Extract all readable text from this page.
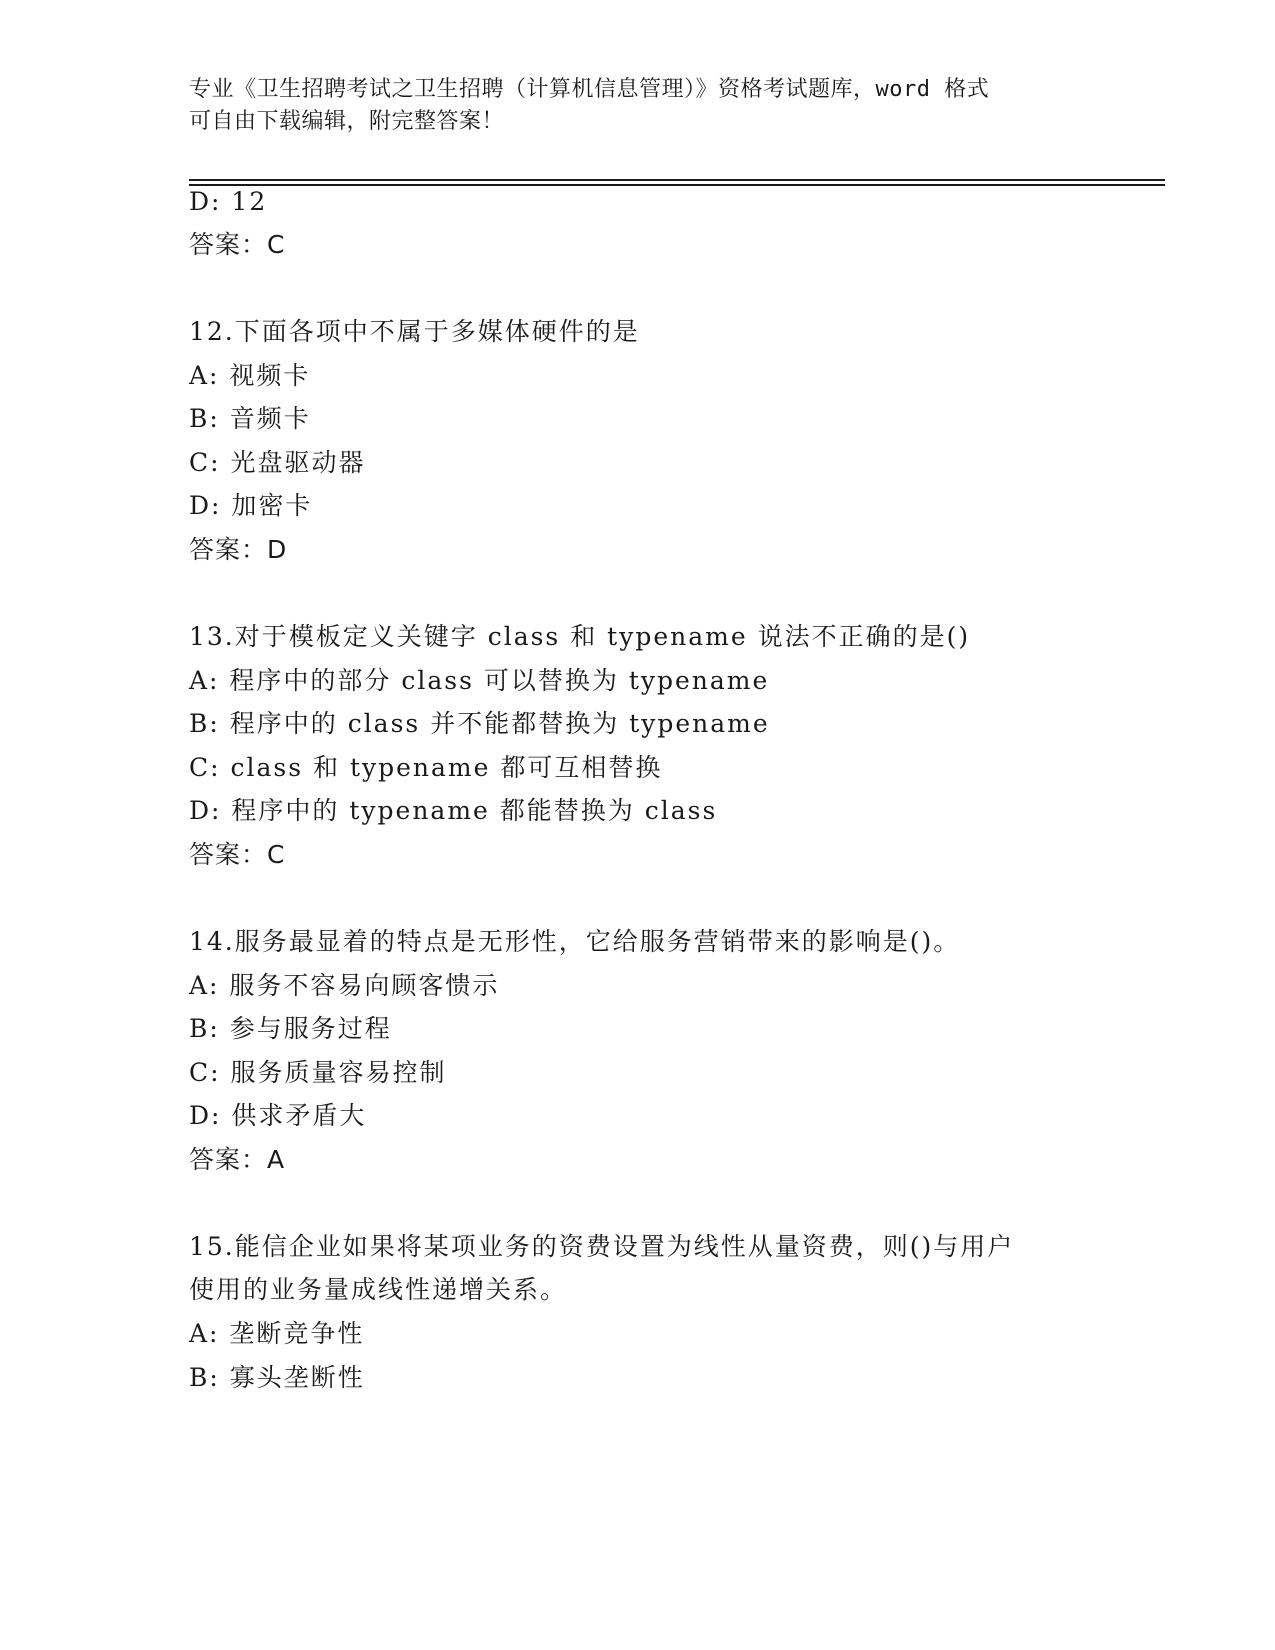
专业《卫生招聘考试之卫生招聘（计算机信息管理）》资格考试题库，word 格式
可自由下载编辑，附完整答案！
D: 12
答案：C
12.下面各项中不属于多媒体硬件的是
A: 视频卡
B: 音频卡
C: 光盘驱动器
D: 加密卡
答案：D
13.对于模板定义关键字 class 和 typename 说法不正确的是()
A: 程序中的部分 class 可以替换为 typename
B: 程序中的 class 并不能都替换为 typename
C: class 和 typename 都可互相替换
D: 程序中的 typename 都能替换为 class
答案：C
14.服务最显着的特点是无形性，它给服务营销带来的影响是()。
A: 服务不容易向顾客愦示
B: 参与服务过程
C: 服务质量容易控制
D: 供求矛盾大
答案：A
15.能信企业如果将某项业务的资费设置为线性从量资费，则()与用户
使用的业务量成线性递增关系。
A: 垄断竞争性
B: 寡头垄断性
